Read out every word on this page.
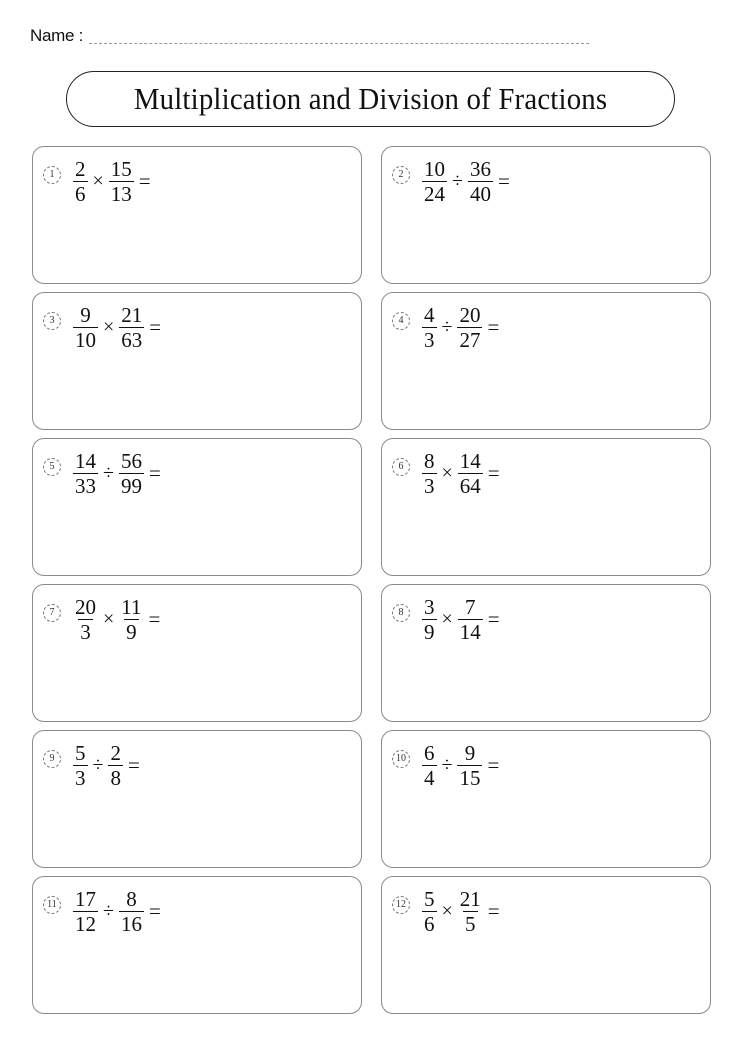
Name :
Multiplication and Division of Fractions
$1 \frac{2}{6} \times \frac{15}{13}$ =	$2 \frac{10}{24} \div \frac{36}{40}$ =
$3 \frac{9}{10} \times \frac{21}{63}$ =	$4 \frac{4}{3} \div \frac{20}{27}$ =
$5 \frac{14}{33} \div \frac{56}{99}$ =	$6 \frac{8}{3} \times \frac{14}{64}$ =
$7 \frac{20}{3} \times \frac{11}{9}$ =	$8 \frac{3}{9} \times \frac{7}{14}$ =
$9 \frac{5}{3} \div \frac{2}{8}$ =	$10 \frac{6}{4} \div \frac{9}{15}$ =
$11 \frac{17}{12} \div \frac{8}{16}$ =	$12 \frac{5}{6} \times \frac{21}{5}$ =
